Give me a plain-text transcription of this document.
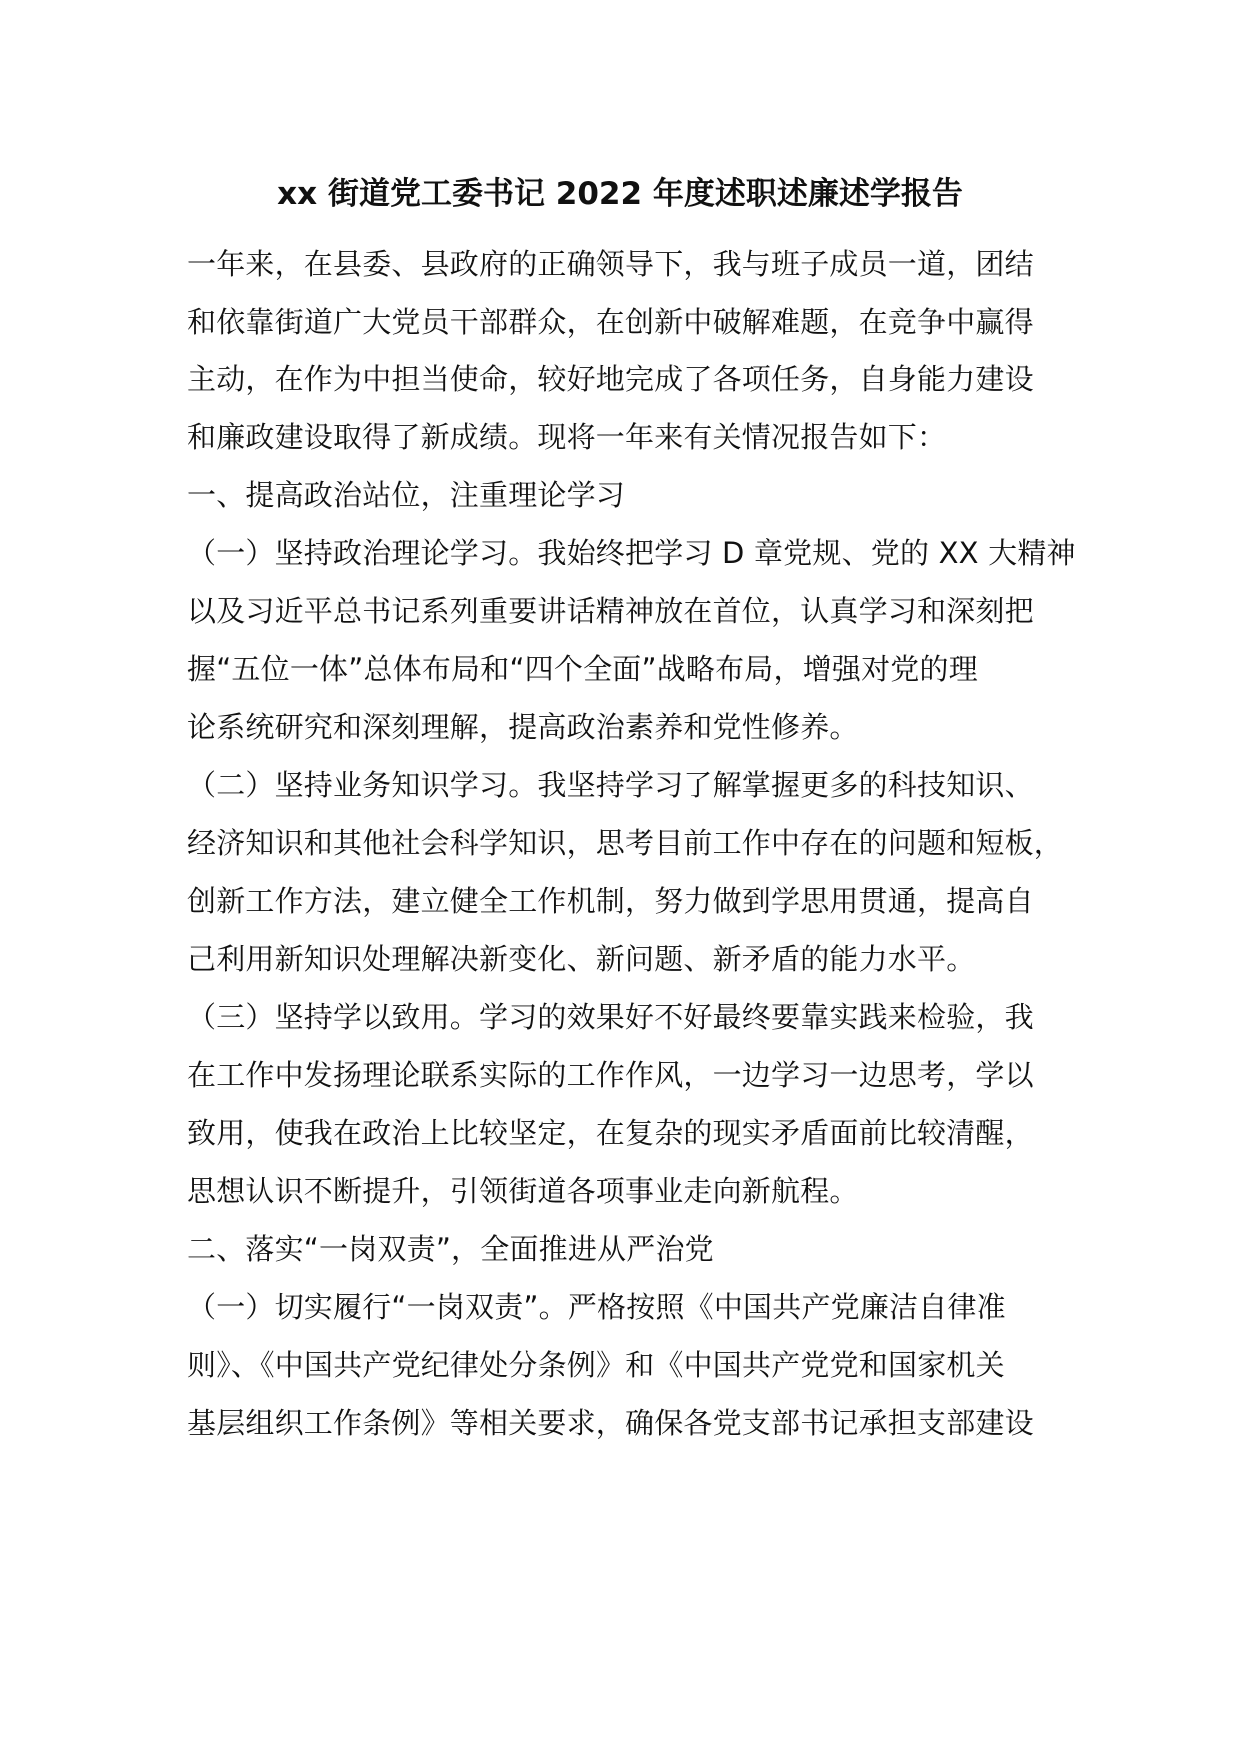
xx 街道党工委书记 2022 年度述职述廉述学报告
一年来，在县委、县政府的正确领导下，我与班子成员一道，团结
和依靠街道广大党员干部群众，在创新中破解难题，在竞争中赢得
主动，在作为中担当使命，较好地完成了各项任务，自身能力建设
和廉政建设取得了新成绩。现将一年来有关情况报告如下：
一、提高政治站位，注重理论学习
（一）坚持政治理论学习。我始终把学习 D 章党规、党的 XX 大精神
以及习近平总书记系列重要讲话精神放在首位，认真学习和深刻把
握“五位一体”总体布局和“四个全面”战略布局，增强对党的理
论系统研究和深刻理解，提高政治素养和党性修养。
（二）坚持业务知识学习。我坚持学习了解掌握更多的科技知识、
经济知识和其他社会科学知识，思考目前工作中存在的问题和短板，
创新工作方法，建立健全工作机制，努力做到学思用贯通，提高自
己利用新知识处理解决新变化、新问题、新矛盾的能力水平。
（三）坚持学以致用。学习的效果好不好最终要靠实践来检验，我
在工作中发扬理论联系实际的工作作风，一边学习一边思考，学以
致用，使我在政治上比较坚定，在复杂的现实矛盾面前比较清醒，
思想认识不断提升，引领街道各项事业走向新航程。
二、落实“一岗双责”，全面推进从严治党
（一）切实履行“一岗双责”。严格按照《中国共产党廉洁自律准
则》、《中国共产党纪律处分条例》和《中国共产党党和国家机关
基层组织工作条例》等相关要求，确保各党支部书记承担支部建设
